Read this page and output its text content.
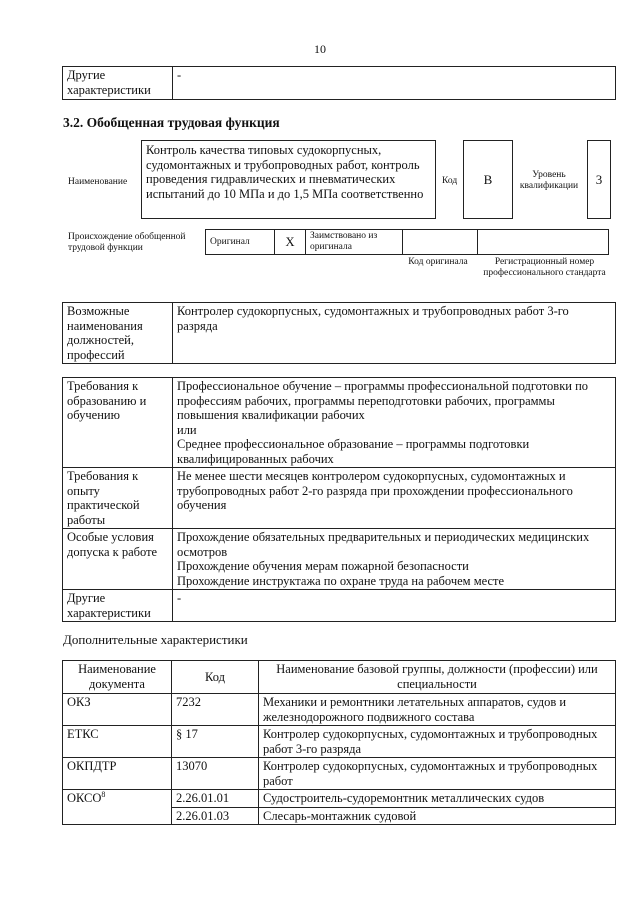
10
Другие характеристики	-
3.2. Обобщенная трудовая функция
Наименование
Контроль качества типовых судокорпусных, судомонтажных и трубопроводных работ, контроль проведения гидравлических и пневматических испытаний до 10 МПа и до 1,5 МПа соответственно
Код	B	Уровень квалификации	3
Происхождение обобщенной трудовой функции
Оригинал	X	Заимствовано из оригинала		
Код оригинала	Регистрационный номер профессионального стандарта
Возможные наименования должностей, профессий	Контролер судокорпусных, судомонтажных и трубопроводных работ 3-го разряда
Требования к образованию и обучению	Профессиональное обучение – программы профессиональной подготовки по профессиям рабочих, программы переподготовки рабочих, программы повышения квалификации рабочих
или
Среднее профессиональное образование – программы подготовки квалифицированных рабочих

Требования к опыту практической работы	Не менее шести месяцев контролером судокорпусных, судомонтажных и трубопроводных работ 2-го разряда при прохождении профессионального обучения

Особые условия допуска к работе	Прохождение обязательных предварительных и периодических медицинских осмотров
Прохождение обучения мерам пожарной безопасности
Прохождение инструктажа по охране труда на рабочем месте

Другие характеристики	-
Дополнительные характеристики
Наименование документа	Код	Наименование базовой группы, должности (профессии) или специальности
ОКЗ	7232	Механики и ремонтники летательных аппаратов, судов и железнодорожного подвижного состава
ЕТКС	§ 17	Контролер судокорпусных, судомонтажных и трубопроводных работ 3-го разряда
ОКПДТР	13070	Контролер судокорпусных, судомонтажных и трубопроводных работ
ОКСО$^8$	2.26.01.01	Судостроитель-судоремонтник металлических судов
	2.26.01.03	Слесарь-монтажник судовой
